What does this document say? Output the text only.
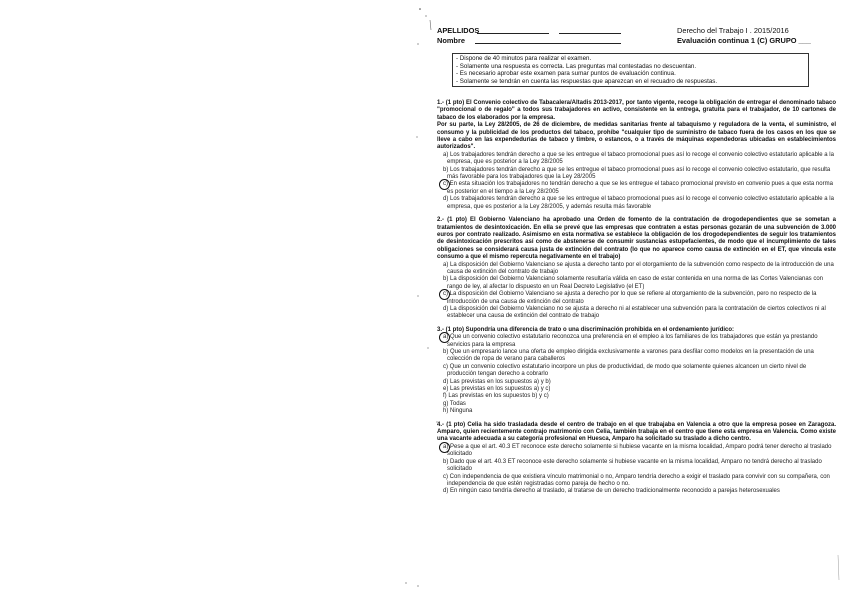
APELLIDOS	Derecho del Trabajo I . 2015/2016
Nombre	Evaluación continua 1 (C) GRUPO ___
- Dispone de 40 minutos para realizar el examen.
- Solamente una respuesta es correcta. Las preguntas mal contestadas no descuentan.
- Es necesario aprobar este examen para sumar puntos de evaluación continua.
- Solamente se tendrán en cuenta las respuestas que aparezcan en el recuadro de respuestas.

1.- (1 pto) El Convenio colectivo de Tabacalera/Altadis 2013-2017, por tanto vigente, recoge la obligación de entregar el denominado tabaco "promocional o de regalo" a todos sus trabajadores en activo, consistente en la entrega, gratuita para el trabajador, de 10 cartones de tabaco de los elaborados por la empresa.

Por su parte, la Ley 28/2005, de 26 de diciembre, de medidas sanitarias frente al tabaquismo y reguladora de la venta, el suministro, el consumo y la publicidad de los productos del tabaco, prohíbe "cualquier tipo de suministro de tabaco fuera de los casos en los que se lleve a cabo en las expendedurías de tabaco y timbre, o estancos, o a través de máquinas expendedoras ubicadas en establecimientos autorizados".

a) Los trabajadores tendrán derecho a que se les entregue el tabaco promocional pues así lo recoge el convenio colectivo estatutario aplicable a la empresa, que es posterior a la Ley 28/2005
b) Los trabajadores tendrán derecho a que se les entregue el tabaco promocional pues así lo recoge el convenio colectivo estatutario, que resulta más favorable para los trabajadores que la Ley 28/2005
c) En esta situación los trabajadores no tendrán derecho a que se les entregue el tabaco promocional previsto en convenio pues a que esta norma es posterior en el tiempo a la Ley 28/2005
d) Los trabajadores tendrán derecho a que se les entregue el tabaco promocional pues así lo recoge el convenio colectivo estatutario aplicable a la empresa, que es posterior a la Ley 28/2005, y además resulta más favorable

2.- (1 pto) El Gobierno Valenciano ha aprobado una Orden de fomento de la contratación de drogodependientes que se sometan a tratamientos de desintoxicación. En ella se prevé que las empresas que contraten a estas personas gozarán de una subvención de 3.000 euros por contrato realizado. Asimismo en esta normativa se establece la obligación de los drogodependientes de seguir los tratamientos de desintoxicación prescritos así como de abstenerse de consumir sustancias estupefacientes, de modo que el incumplimiento de tales obligaciones se considerará causa justa de extinción del contrato (lo que no aparece como causa de extinción en el ET, que vincula este consumo a que el mismo repercuta negativamente en el trabajo)

a) La disposición del Gobierno Valenciano se ajusta a derecho tanto por el otorgamiento de la subvención como respecto de la introducción de una causa de extinción del contrato de trabajo
b) La disposición del Gobierno Valenciano solamente resultaría válida en caso de estar contenida en una norma de las Cortes Valencianas con rango de ley, al afectar lo dispuesto en un Real Decreto Legislativo (el ET)
c) La disposición del Gobierno Valenciano se ajusta a derecho por lo que se refiere al otorgamiento de la subvención, pero no respecto de la introducción de una causa de extinción del contrato
d) La disposición del Gobierno Valenciano no se ajusta a derecho ni al establecer una subvención para la contratación de ciertos colectivos ni al establecer una causa de extinción del contrato de trabajo

3.- (1 pto) Supondría una diferencia de trato o una discriminación prohibida en el ordenamiento jurídico:

a) Que un convenio colectivo estatutario reconozca una preferencia en el empleo a los familiares de los trabajadores que están ya prestando servicios para la empresa
b) Que un empresario lance una oferta de empleo dirigida exclusivamente a varones para desfilar como modelos en la presentación de una colección de ropa de verano para caballeros
c) Que un convenio colectivo estatutario incorpore un plus de productividad, de modo que solamente quienes alcancen un cierto nivel de producción tengan derecho a cobrarlo
d) Las previstas en los supuestos a) y b)
e) Las previstas en los supuestos a) y c)
f) Las previstas en los supuestos b) y c)
g) Todas
h) Ninguna

4.- (1 pto) Celia ha sido trasladada desde el centro de trabajo en el que trabajaba en Valencia a otro que la empresa posee en Zaragoza. Amparo, quien recientemente contrajo matrimonio con Celia, también trabaja en el centro que tiene esta empresa en Valencia. Como existe una vacante adecuada a su categoría profesional en Huesca, Amparo ha solicitado su traslado a dicho centro.

a) Pese a que el art. 40.3 ET reconoce este derecho solamente si hubiese vacante en la misma localidad, Amparo podrá tener derecho al traslado solicitado
b) Dado que el art. 40.3 ET reconoce este derecho solamente si hubiese vacante en la misma localidad, Amparo no tendrá derecho al traslado solicitado
c) Con independencia de que existiera vínculo matrimonial o no, Amparo tendría derecho a exigir el traslado para convivir con su compañera, con independencia de que estén registradas como pareja de hecho o no.
d) En ningún caso tendría derecho al traslado, al tratarse de un derecho tradicionalmente reconocido a parejas heterosexuales
